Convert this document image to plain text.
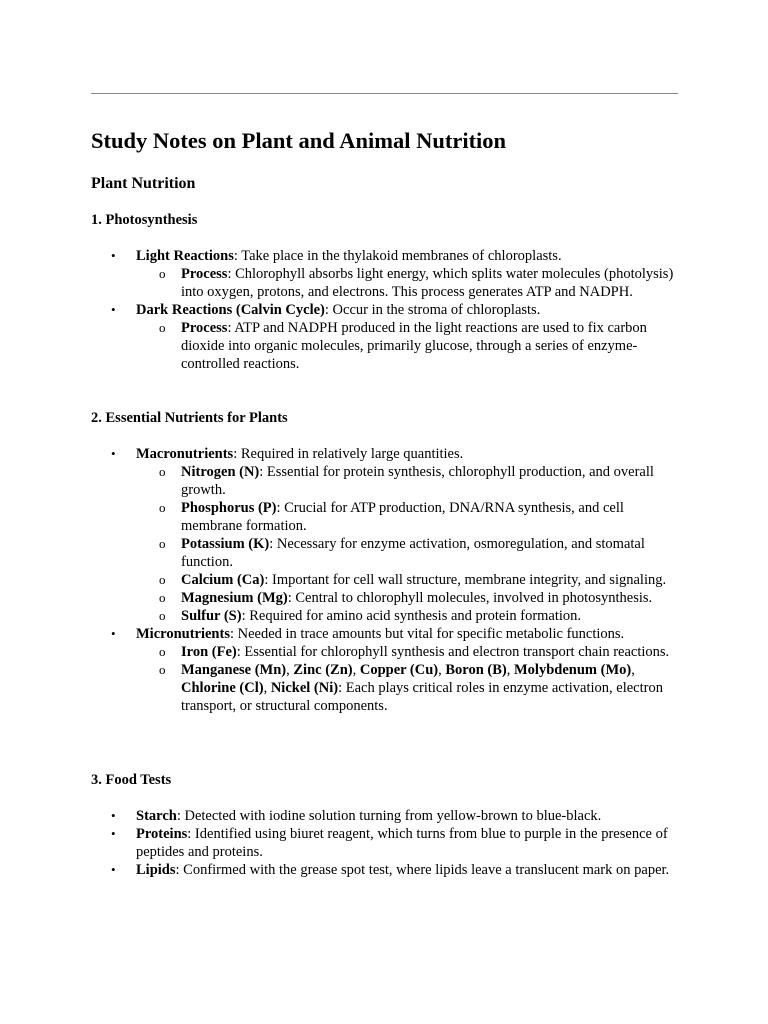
Study Notes on Plant and Animal Nutrition
Plant Nutrition
1. Photosynthesis
• Light Reactions: Take place in the thylakoid membranes of chloroplasts.
o Process: Chlorophyll absorbs light energy, which splits water molecules (photolysis) into oxygen, protons, and electrons. This process generates ATP and NADPH.
• Dark Reactions (Calvin Cycle): Occur in the stroma of chloroplasts.
o Process: ATP and NADPH produced in the light reactions are used to fix carbon dioxide into organic molecules, primarily glucose, through a series of enzyme-controlled reactions.
2. Essential Nutrients for Plants
• Macronutrients: Required in relatively large quantities.
o Nitrogen (N): Essential for protein synthesis, chlorophyll production, and overall growth.
o Phosphorus (P): Crucial for ATP production, DNA/RNA synthesis, and cell membrane formation.
o Potassium (K): Necessary for enzyme activation, osmoregulation, and stomatal function.
o Calcium (Ca): Important for cell wall structure, membrane integrity, and signaling.
o Magnesium (Mg): Central to chlorophyll molecules, involved in photosynthesis.
o Sulfur (S): Required for amino acid synthesis and protein formation.
• Micronutrients: Needed in trace amounts but vital for specific metabolic functions.
o Iron (Fe): Essential for chlorophyll synthesis and electron transport chain reactions.
o Manganese (Mn), Zinc (Zn), Copper (Cu), Boron (B), Molybdenum (Mo), Chlorine (Cl), Nickel (Ni): Each plays critical roles in enzyme activation, electron transport, or structural components.
3. Food Tests
• Starch: Detected with iodine solution turning from yellow-brown to blue-black.
• Proteins: Identified using biuret reagent, which turns from blue to purple in the presence of peptides and proteins.
• Lipids: Confirmed with the grease spot test, where lipids leave a translucent mark on paper.
